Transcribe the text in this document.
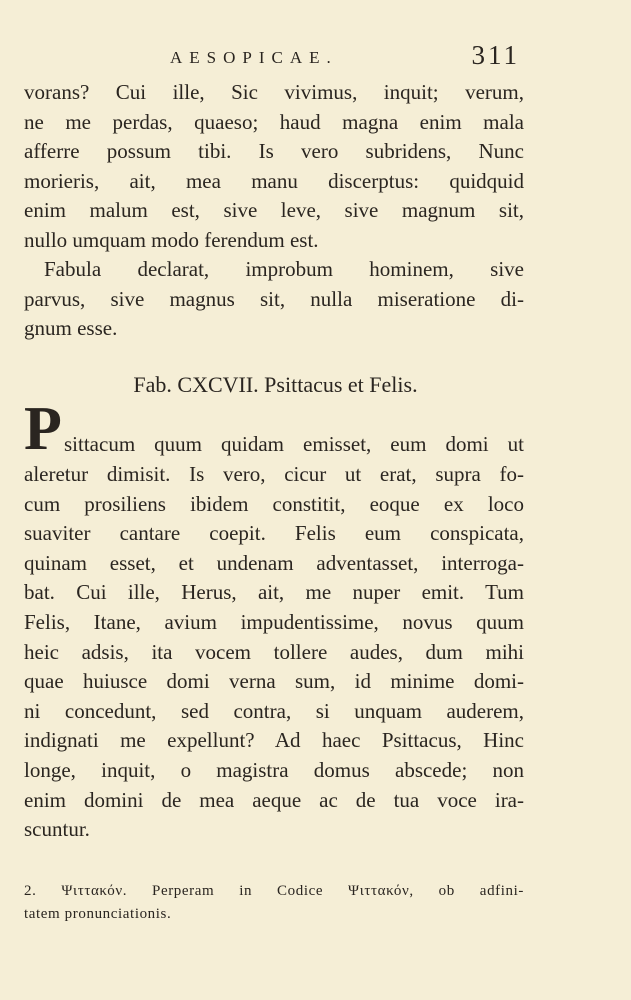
AESOPICAE.	311
vorans? Cui ille, Sic vivimus, inquit; verum,
ne me perdas, quaeso; haud magna enim mala
afferre possum tibi. Is vero subridens, Nunc
morieris, ait, mea manu discerptus: quidquid
enim malum est, sive leve, sive magnum sit,
nullo umquam modo ferendum est.
Fabula declarat, improbum hominem, sive
parvus, sive magnus sit, nulla miseratione di-
gnum esse.
Fab. CXCVII. Psittacus et Felis.
P sittacum quum quidam emisset, eum domi ut
aleretur dimisit. Is vero, cicur ut erat, supra fo-
cum prosiliens ibidem constitit, eoque ex loco
suaviter cantare coepit. Felis eum conspicata,
quinam esset, et undenam adventasset, interroga-
bat. Cui ille, Herus, ait, me nuper emit. Tum
Felis, Itane, avium impudentissime, novus quum
heic adsis, ita vocem tollere audes, dum mihi
quae huiusce domi verna sum, id minime domi-
ni concedunt, sed contra, si unquam auderem,
indignati me expellunt? Ad haec Psittacus, Hinc
longe, inquit, o magistra domus abscede; non
enim domini de mea aeque ac de tua voce ira-
scuntur.
2. Ψιττακόν. Perperam in Codice Ψιττακόν, ob adfini-
tatem pronunciationis.
